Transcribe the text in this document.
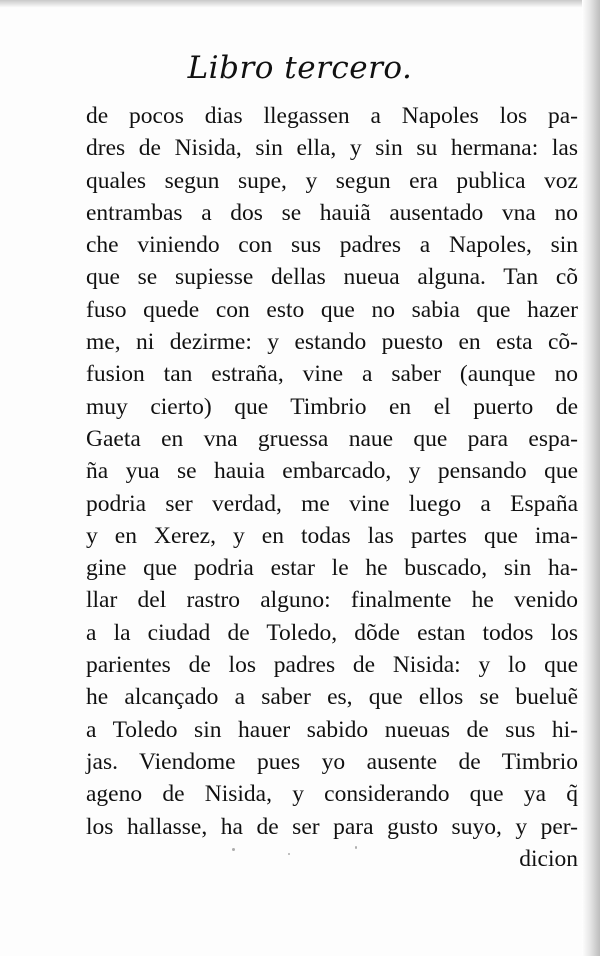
Libro tercero.
de pocos dias llegassen a Napoles los pa-
dres de Nisida, sin ella, y sin su hermana: las
quales segun supe, y segun era publica voz
entrambas a dos se hauiã ausentado vna no
che viniendo con sus padres a Napoles, sin
que se supiesse dellas nueua alguna. Tan cõ
fuso quede con esto que no sabia que hazer
me, ni dezirme: y estando puesto en esta cõ-
fusion tan estraña, vine a saber (aunque no
muy cierto) que Timbrio en el puerto de
Gaeta en vna gruessa naue que para espa-
ña yua se hauia embarcado, y pensando que
podria ser verdad, me vine luego a España
y en Xerez, y en todas las partes que ima-
gine que podria estar le he buscado, sin ha-
llar del rastro alguno: finalmente he venido
a la ciudad de Toledo, dõde estan todos los
parientes de los padres de Nisida: y lo que
he alcançado a saber es, que ellos se bueluẽ
a Toledo sin hauer sabido nueuas de sus hi-
jas. Viendome pues yo ausente de Timbrio
ageno de Nisida, y considerando que ya q̃
los hallasse, ha de ser para gusto suyo, y per-
dicion
